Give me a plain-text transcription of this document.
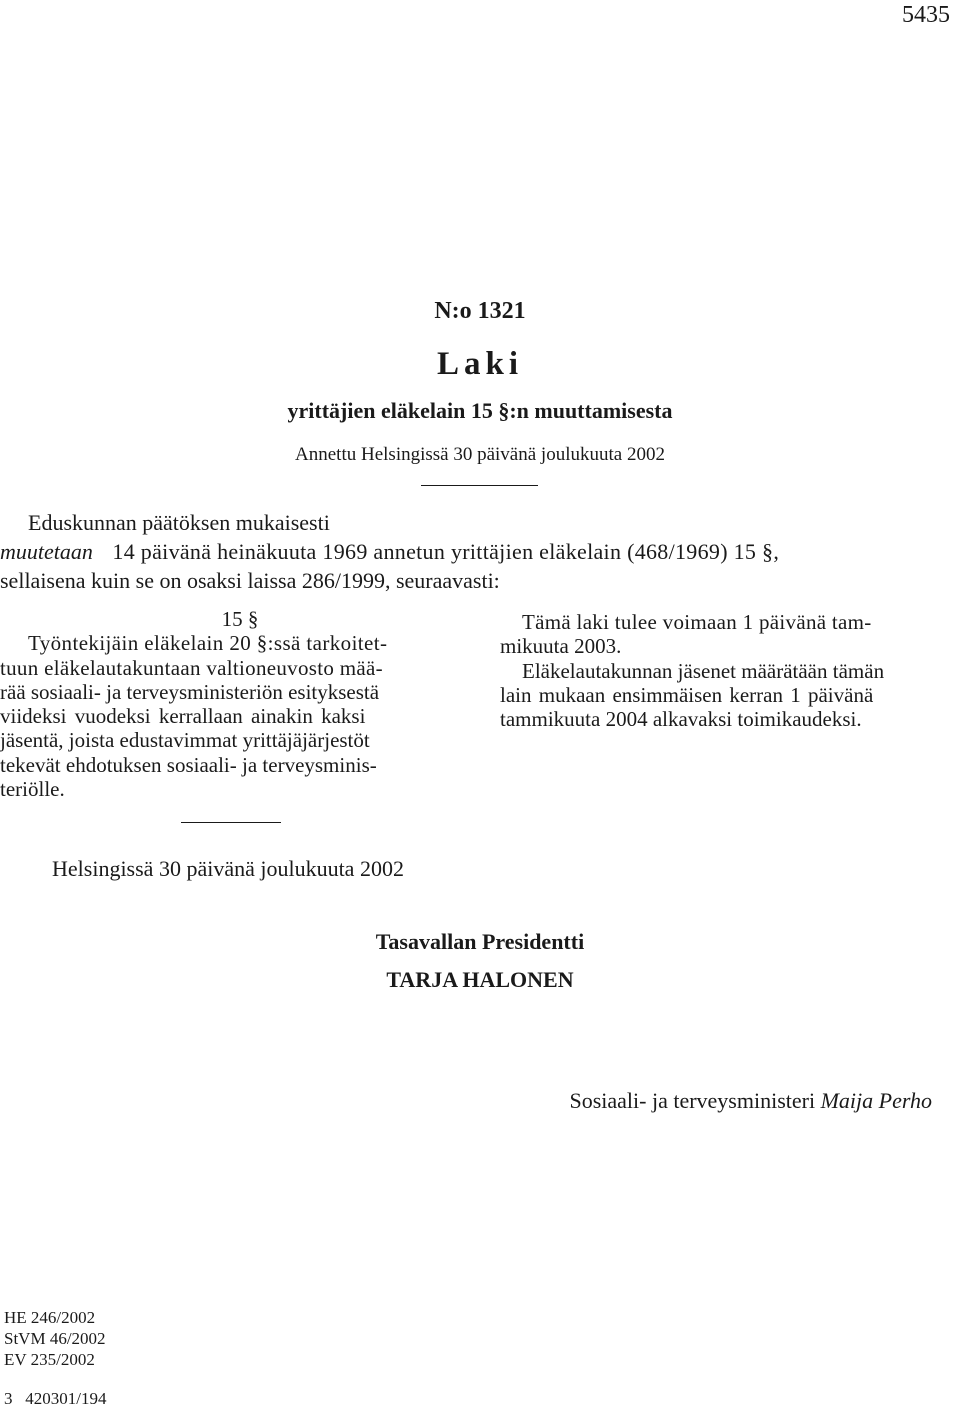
5435
N:o 1321
Laki
yrittäjien eläkelain 15 §:n muuttamisesta
Annettu Helsingissä 30 päivänä joulukuuta 2002
Eduskunnan päätöksen mukaisesti
muutetaan 14 päivänä heinäkuuta 1969 annetun yrittäjien eläkelain (468/1969) 15 §,
sellaisena kuin se on osaksi laissa 286/1999, seuraavasti:
15 §
Työntekijäin eläkelain 20 §:ssä tarkoitet-
tuun eläkelautakuntaan valtioneuvosto mää-
rää sosiaali- ja terveysministeriön esityksestä
viideksi vuodeksi kerrallaan ainakin kaksi
jäsentä, joista edustavimmat yrittäjäjärjestöt
tekevät ehdotuksen sosiaali- ja terveysminis-
teriölle.
Tämä laki tulee voimaan 1 päivänä tam-
mikuuta 2003.
Eläkelautakunnan jäsenet määrätään tämän
lain mukaan ensimmäisen kerran 1 päivänä
tammikuuta 2004 alkavaksi toimikaudeksi.
Helsingissä 30 päivänä joulukuuta 2002
Tasavallan Presidentti
TARJA HALONEN
Sosiaali- ja terveysministeri Maija Perho
HE 246/2002
StVM 46/2002
EV 235/2002
3   420301/194
